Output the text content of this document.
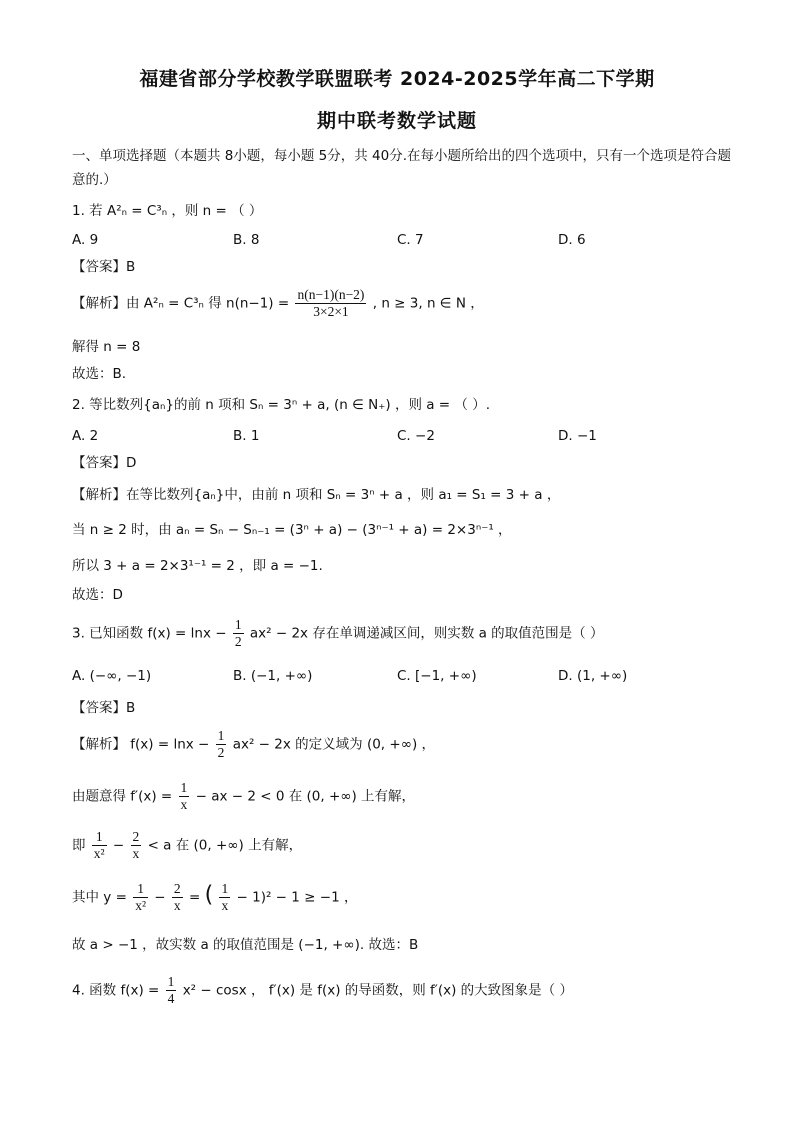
福建省部分学校教学联盟联考 2024-2025学年高二下学期
期中联考数学试题
一、单项选择题（本题共 8小题，每小题 5分，共 40分.在每小题所给出的四个选项中，只有一个选项是符合题意的.）
1. 若 A²ₙ = C³ₙ ，则 n = （ ）
A. 9	B. 8	C. 7	D. 6
【答案】B
【解析】由 A²ₙ = C³ₙ 得 $n(n-1) = \frac{n(n-1)(n-2)}{3\times 2\times 1}$ , n ≥ 3, n ∈ N ，
解得 n = 8
故选：B.
2. 等比数列{aₙ}的前 n 项和 Sₙ = 3ⁿ + a, (n ∈ N₊) ，则 a = （ ）.
A. 2	B. 1	C. −2	D. −1
【答案】D
【解析】在等比数列{aₙ}中，由前 n 项和 Sₙ = 3ⁿ + a ，则 a₁ = S₁ = 3 + a ，
当 n ≥ 2 时，由 aₙ = Sₙ − Sₙ₋₁ = (3ⁿ + a) − (3ⁿ⁻¹ + a) = 2×3ⁿ⁻¹ ，
所以 3 + a = 2×3¹⁻¹ = 2 ，即 a = −1.
故选：D
3. 已知函数 $f(x) = \ln x - \frac{1}{2} ax^2 - 2x$ 存在单调递减区间，则实数 a 的取值范围是（ ）
A. (−∞, −1)	B. (−1, +∞)	C. [−1, +∞)	D. (1, +∞)
【答案】B
【解析】 $f(x) = \ln x - \frac{1}{2} ax^2 - 2x$ 的定义域为 (0, +∞) ，
由题意得 $f'(x) = \frac{1}{x}$ − ax − 2 < 0 在 (0, +∞) 上有解，
即 $\frac{1}{\text{x²}} - \frac{2}{x} < a$ 在 (0, +∞) 上有解，
其中 $y = \frac{1}{\text{x²}} - \frac{2}{x}$ = ( $\frac{1}{x} - 1)^2 - 1 \ge -1$ ，
故 a > −1 ，故实数 a 的取值范围是 (−1, +∞). 故选：B
4. 函数 $f(x) = \frac{1}{4} x^2 - \cos x$ ， f′(x) 是 f(x) 的导函数，则 f′(x) 的大致图象是（ ）
